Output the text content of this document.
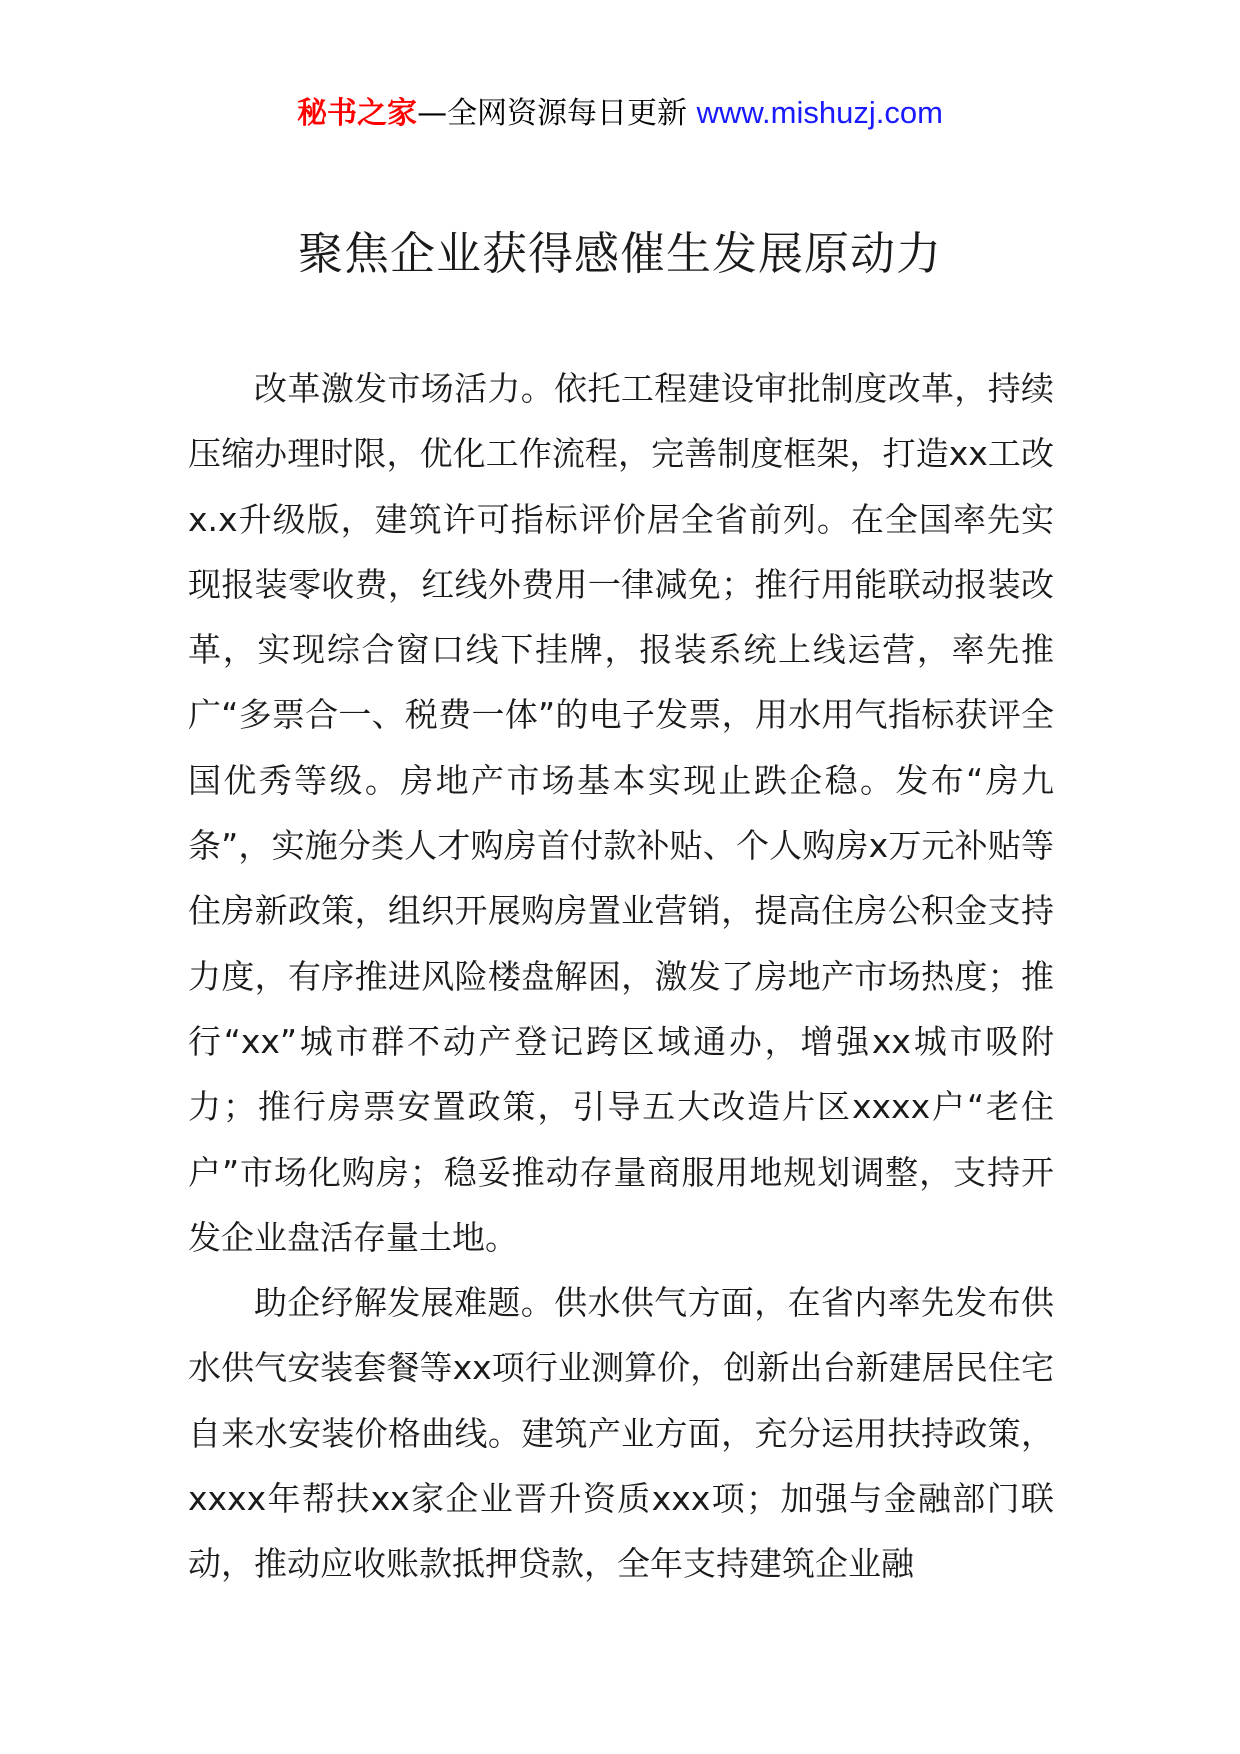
秘书之家—全网资源每日更新 www.mishuzj.com
聚焦企业获得感催生发展原动力

改革激发市场活力。依托工程建设审批制度改革，持续压缩办理时限，优化工作流程，完善制度框架，打造xx工改x.x升级版，建筑许可指标评价居全省前列。在全国率先实现报装零收费，红线外费用一律减免；推行用能联动报装改革，实现综合窗口线下挂牌，报装系统上线运营，率先推广“多票合一、税费一体”的电子发票，用水用气指标获评全国优秀等级。房地产市场基本实现止跌企稳。发布“房九条”，实施分类人才购房首付款补贴、个人购房x万元补贴等住房新政策，组织开展购房置业营销，提高住房公积金支持力度，有序推进风险楼盘解困，激发了房地产市场热度；推行“xx”城市群不动产登记跨区域通办，增强xx城市吸附力；推行房票安置政策，引导五大改造片区xxxx户“老住户”市场化购房；稳妥推动存量商服用地规划调整，支持开发企业盘活存量土地。

助企纾解发展难题。供水供气方面，在省内率先发布供水供气安装套餐等xx项行业测算价，创新出台新建居民住宅自来水安装价格曲线。建筑产业方面，充分运用扶持政策，xxxx年帮扶xx家企业晋升资质xxx项；加强与金融部门联动，推动应收账款抵押贷款，全年支持建筑企业融
